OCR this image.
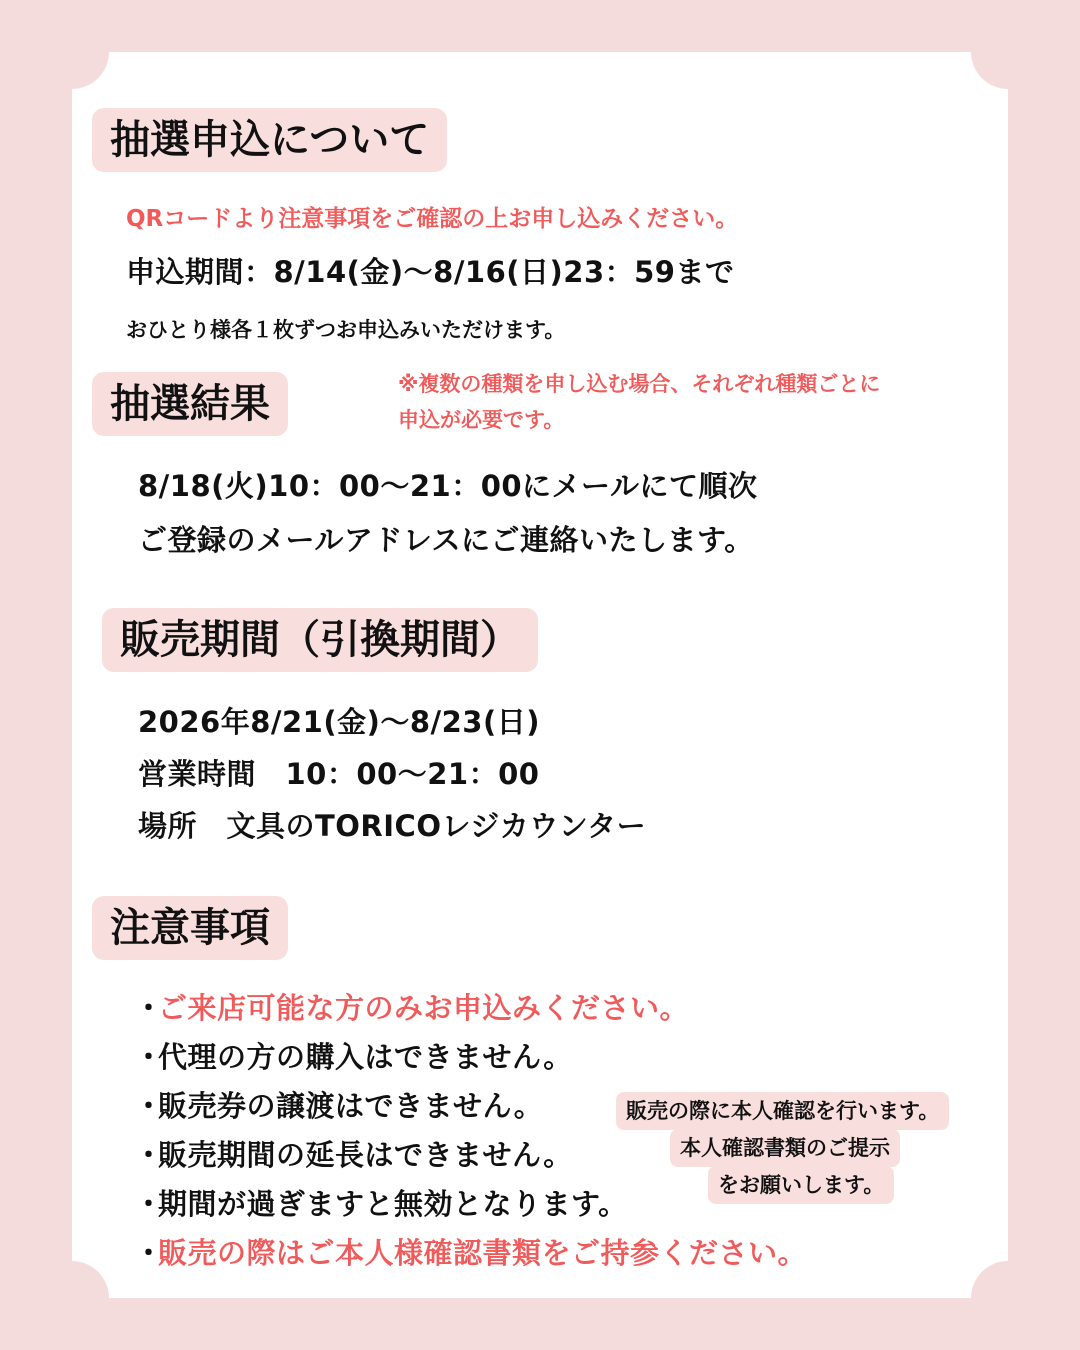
抽選申込について
QRコードより注意事項をご確認の上お申し込みください。
申込期間：8/14(金)〜8/16(日)23：59まで
おひとり様各１枚ずつお申込みいただけます。
抽選結果	※複数の種類を申し込む場合、それぞれ種類ごとに
申込が必要です。
8/18(火)10：00〜21：00にメールにて順次
ご登録のメールアドレスにご連絡いたします。
販売期間（引換期間）
2026年8/21(金)〜8/23(日)
営業時間　10：00〜21：00
場所　文具のTORICOレジカウンター
注意事項
・ご来店可能な方のみお申込みください。
・代理の方の購入はできません。
・販売券の譲渡はできません。
・販売期間の延長はできません。
・期間が過ぎますと無効となります。
・販売の際はご本人様確認書類をご持参ください。
販売の際に本人確認を行います。
本人確認書類のご提示
をお願いします。
